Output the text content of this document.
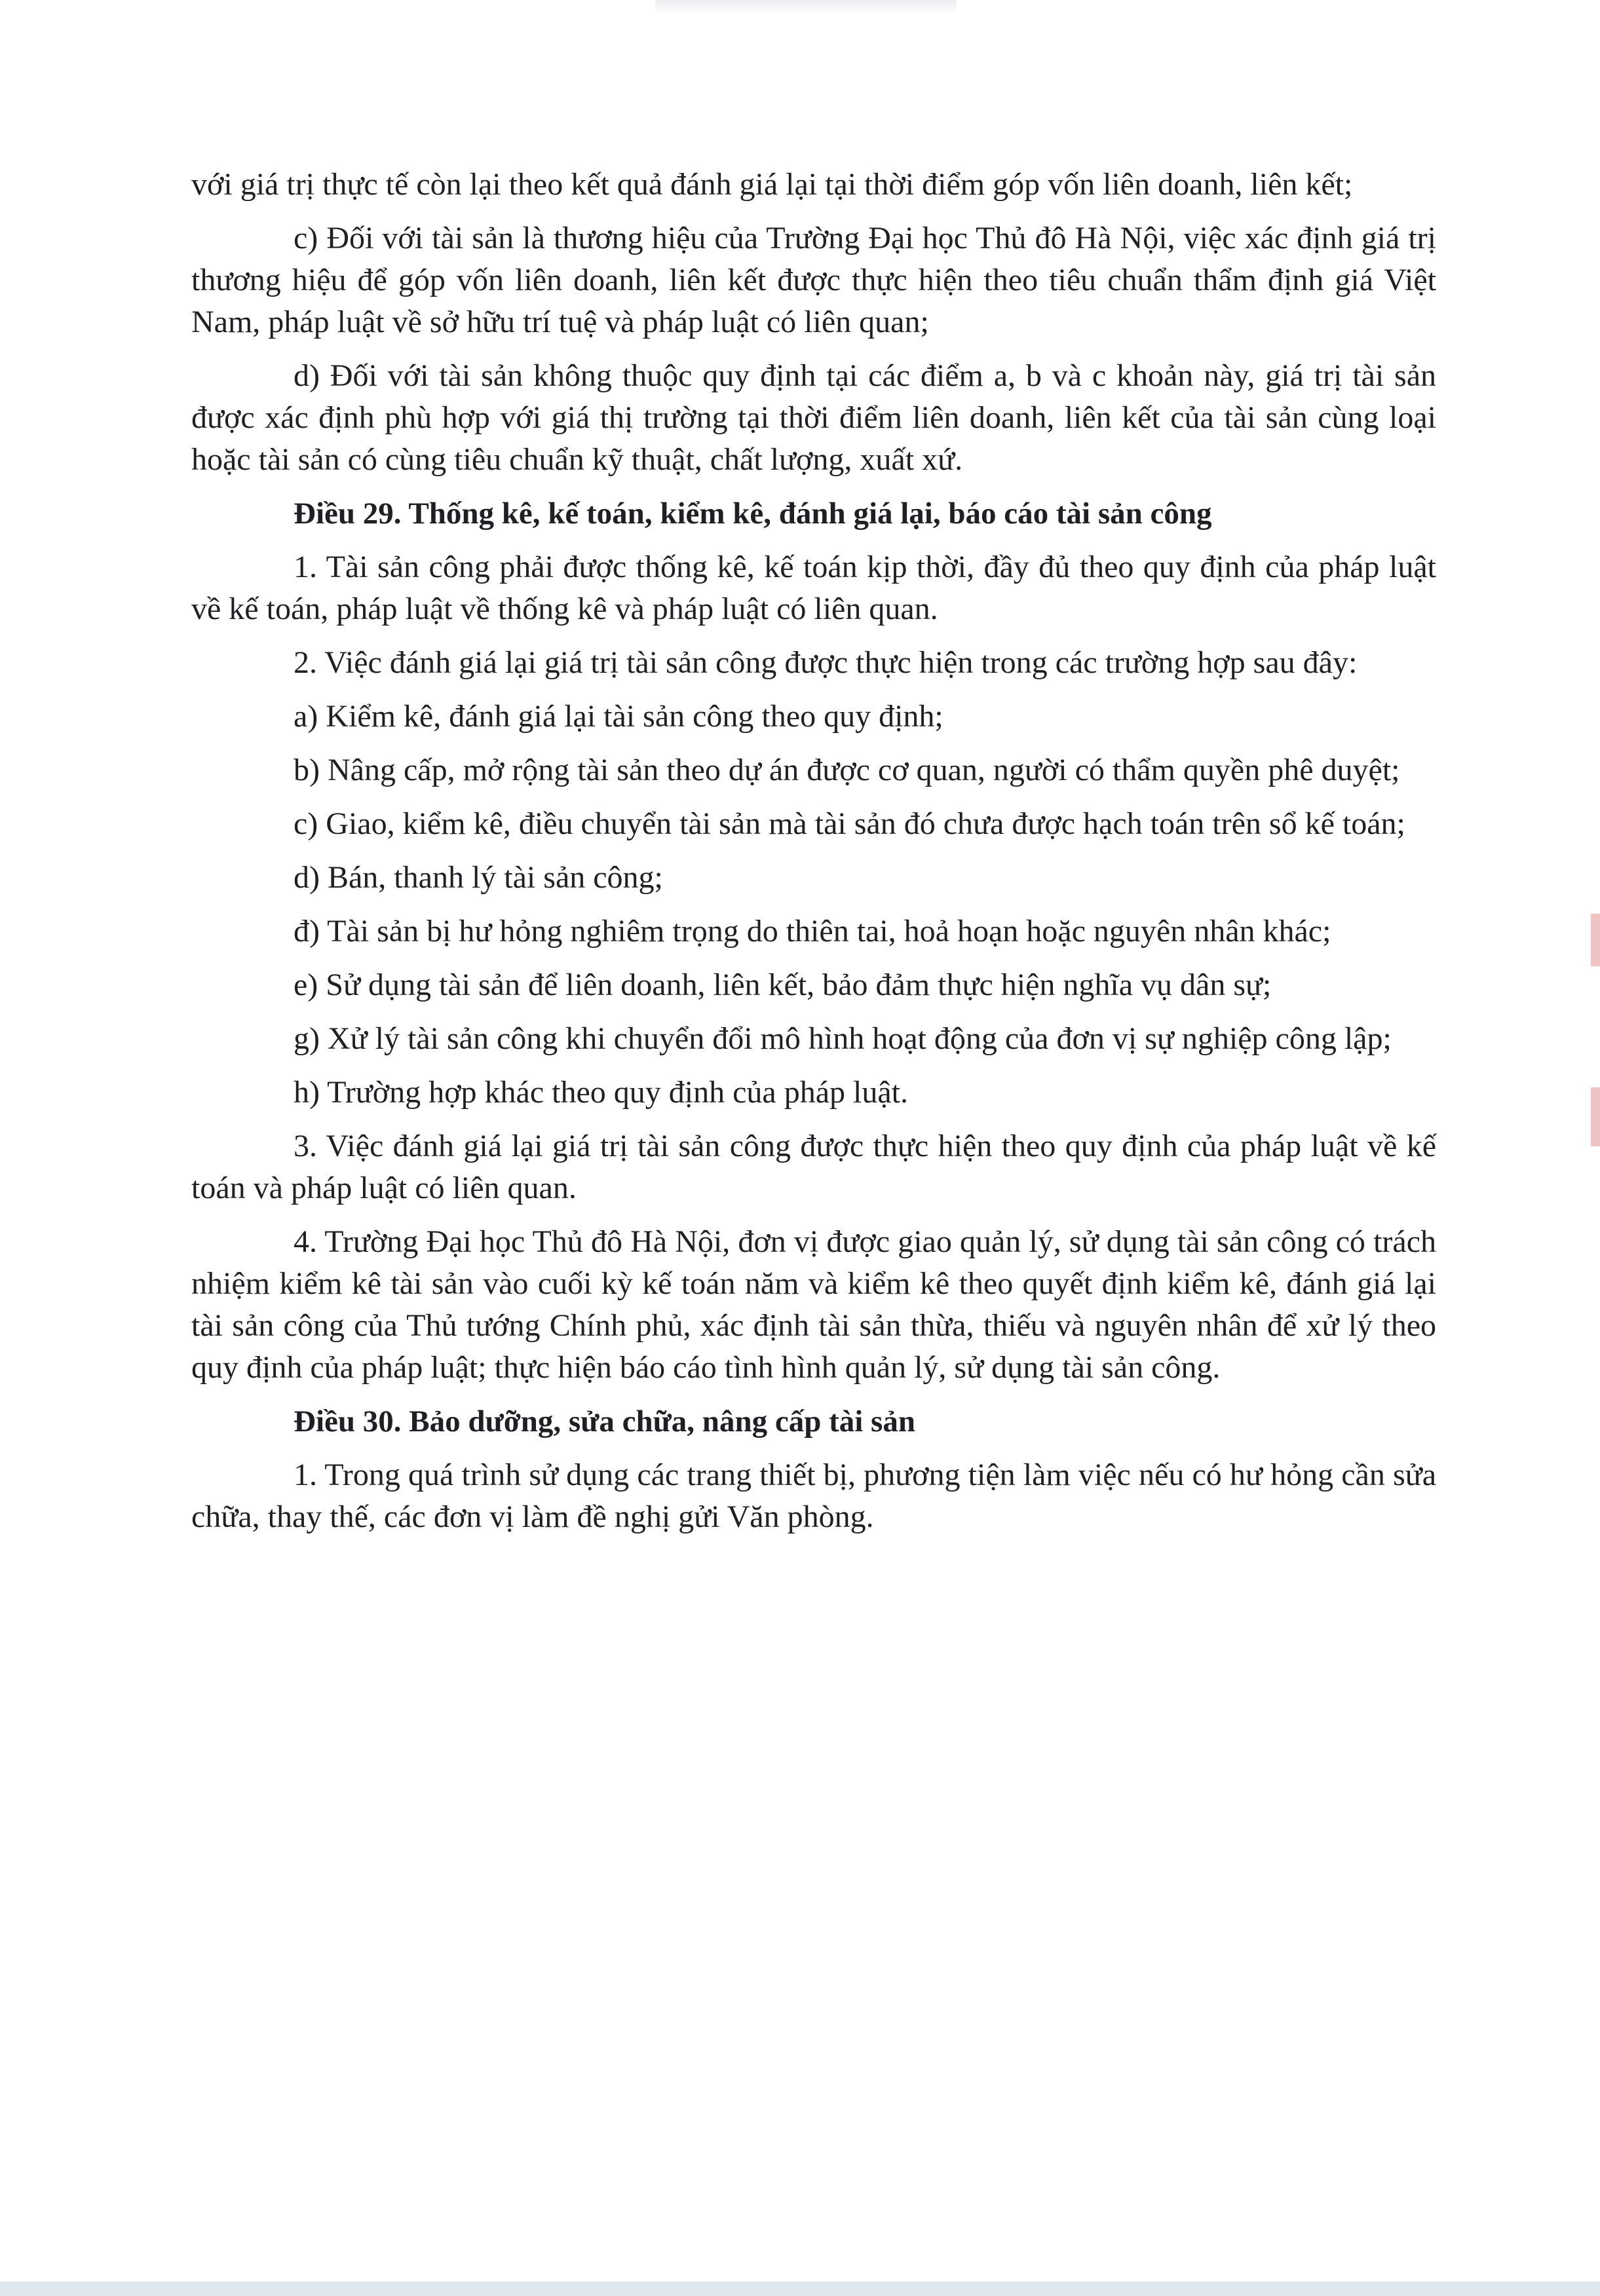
với giá trị thực tế còn lại theo kết quả đánh giá lại tại thời điểm góp vốn liên doanh, liên kết;

c) Đối với tài sản là thương hiệu của Trường Đại học Thủ đô Hà Nội, việc xác định giá trị thương hiệu để góp vốn liên doanh, liên kết được thực hiện theo tiêu chuẩn thẩm định giá Việt Nam, pháp luật về sở hữu trí tuệ và pháp luật có liên quan;

d) Đối với tài sản không thuộc quy định tại các điểm a, b và c khoản này, giá trị tài sản được xác định phù hợp với giá thị trường tại thời điểm liên doanh, liên kết của tài sản cùng loại hoặc tài sản có cùng tiêu chuẩn kỹ thuật, chất lượng, xuất xứ.

Điều 29. Thống kê, kế toán, kiểm kê, đánh giá lại, báo cáo tài sản công

1. Tài sản công phải được thống kê, kế toán kịp thời, đầy đủ theo quy định của pháp luật về kế toán, pháp luật về thống kê và pháp luật có liên quan.

2. Việc đánh giá lại giá trị tài sản công được thực hiện trong các trường hợp sau đây:

a) Kiểm kê, đánh giá lại tài sản công theo quy định;

b) Nâng cấp, mở rộng tài sản theo dự án được cơ quan, người có thẩm quyền phê duyệt;

c) Giao, kiểm kê, điều chuyển tài sản mà tài sản đó chưa được hạch toán trên sổ kế toán;

d) Bán, thanh lý tài sản công;

đ) Tài sản bị hư hỏng nghiêm trọng do thiên tai, hoả hoạn hoặc nguyên nhân khác;

e) Sử dụng tài sản để liên doanh, liên kết, bảo đảm thực hiện nghĩa vụ dân sự;

g) Xử lý tài sản công khi chuyển đổi mô hình hoạt động của đơn vị sự nghiệp công lập;

h) Trường hợp khác theo quy định của pháp luật.

3. Việc đánh giá lại giá trị tài sản công được thực hiện theo quy định của pháp luật về kế toán và pháp luật có liên quan.

4. Trường Đại học Thủ đô Hà Nội, đơn vị được giao quản lý, sử dụng tài sản công có trách nhiệm kiểm kê tài sản vào cuối kỳ kế toán năm và kiểm kê theo quyết định kiểm kê, đánh giá lại tài sản công của Thủ tướng Chính phủ, xác định tài sản thừa, thiếu và nguyên nhân để xử lý theo quy định của pháp luật; thực hiện báo cáo tình hình quản lý, sử dụng tài sản công.

Điều 30. Bảo dưỡng, sửa chữa, nâng cấp tài sản

1. Trong quá trình sử dụng các trang thiết bị, phương tiện làm việc nếu có hư hỏng cần sửa chữa, thay thế, các đơn vị làm đề nghị gửi Văn phòng.
